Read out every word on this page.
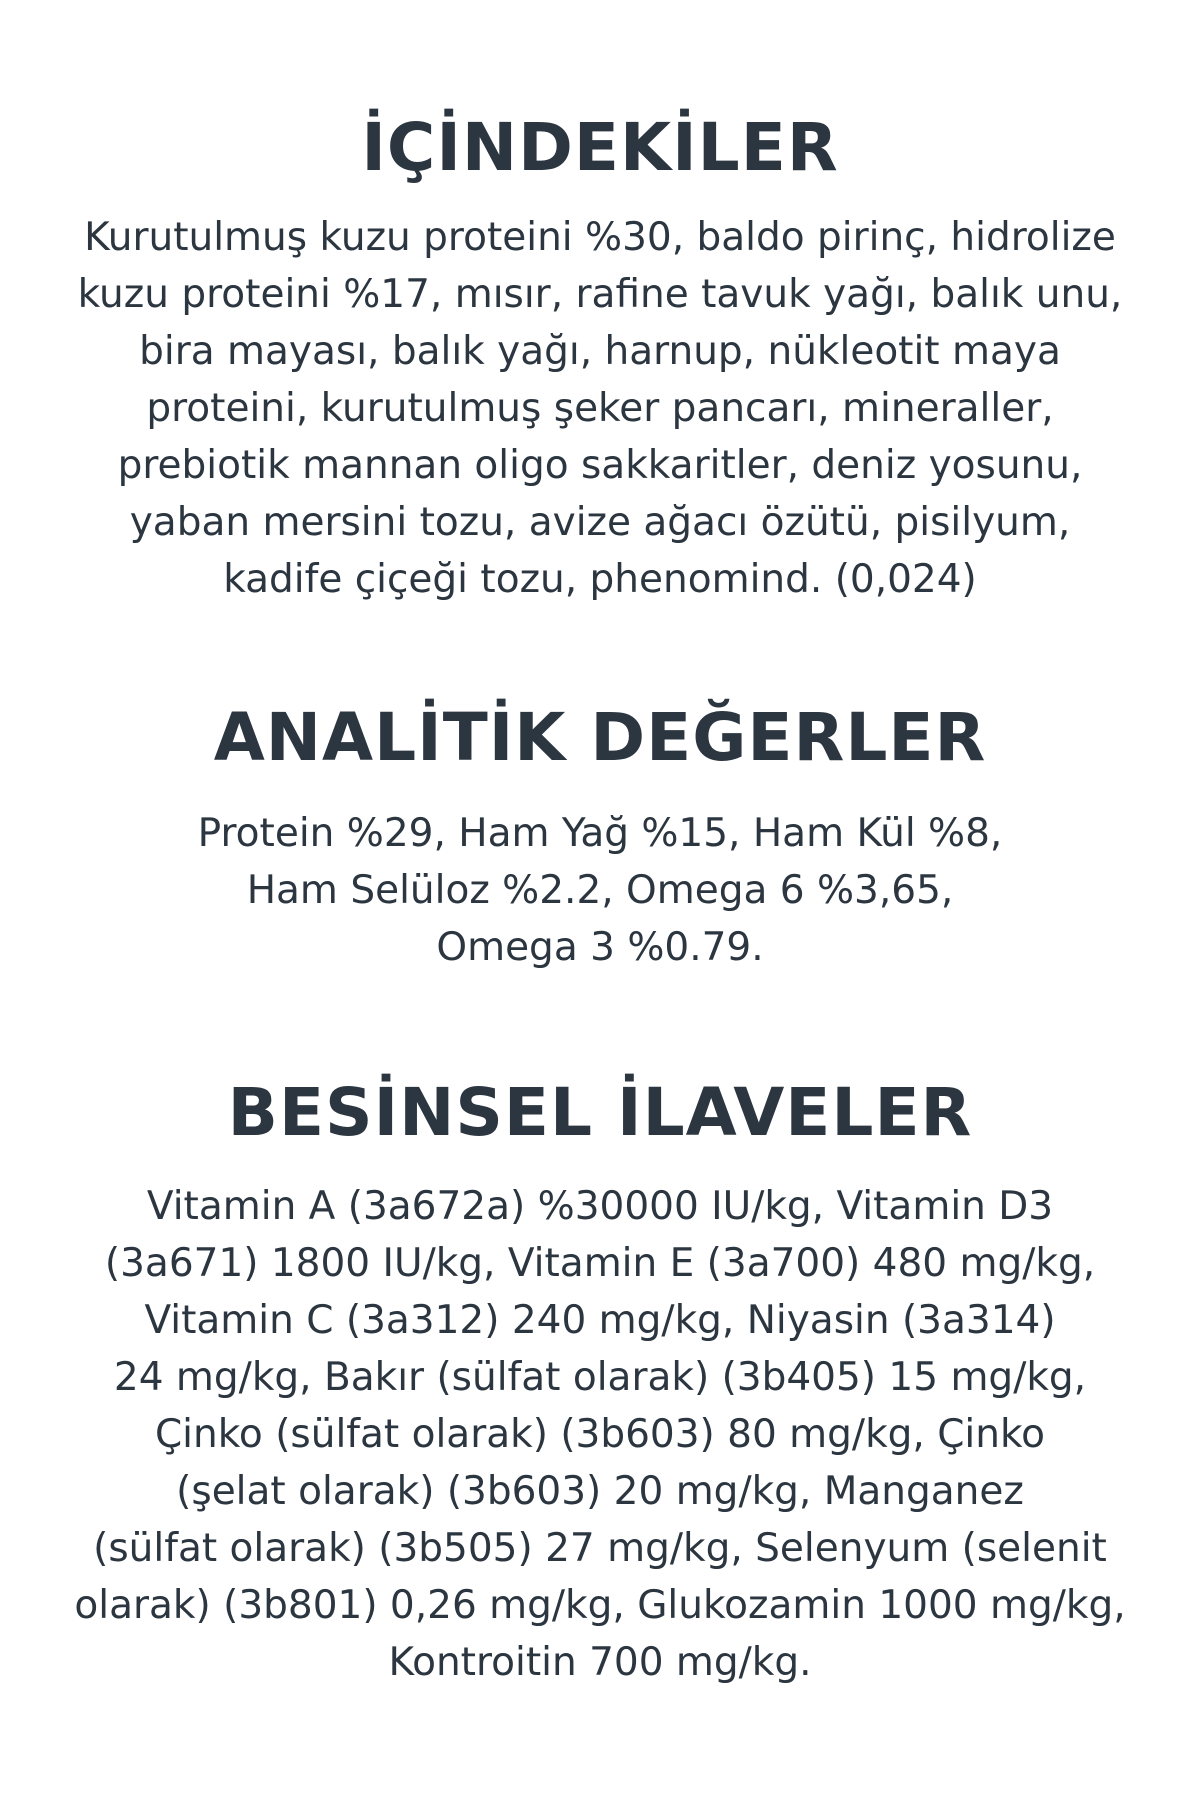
İÇİNDEKİLER
Kurutulmuş kuzu proteini %30, baldo pirinç, hidrolize
kuzu proteini %17, mısır, rafine tavuk yağı, balık unu,
bira mayası, balık yağı, harnup, nükleotit maya
proteini, kurutulmuş şeker pancarı, mineraller,
prebiotik mannan oligo sakkaritler, deniz yosunu,
yaban mersini tozu, avize ağacı özütü, pisilyum,
kadife çiçeği tozu, phenomind. (0,024)
ANALİTİK DEĞERLER
Protein %29, Ham Yağ %15, Ham Kül %8,
Ham Selüloz %2.2, Omega 6 %3,65,
Omega 3 %0.79.
BESİNSEL İLAVELER
Vitamin A (3a672a) %30000 IU/kg, Vitamin D3
(3a671) 1800 IU/kg, Vitamin E (3a700) 480 mg/kg,
Vitamin C (3a312) 240 mg/kg, Niyasin (3a314)
24 mg/kg, Bakır (sülfat olarak) (3b405) 15 mg/kg,
Çinko (sülfat olarak) (3b603) 80 mg/kg, Çinko
(şelat olarak) (3b603) 20 mg/kg, Manganez
(sülfat olarak) (3b505) 27 mg/kg, Selenyum (selenit
olarak) (3b801) 0,26 mg/kg, Glukozamin 1000 mg/kg,
Kontroitin 700 mg/kg.
